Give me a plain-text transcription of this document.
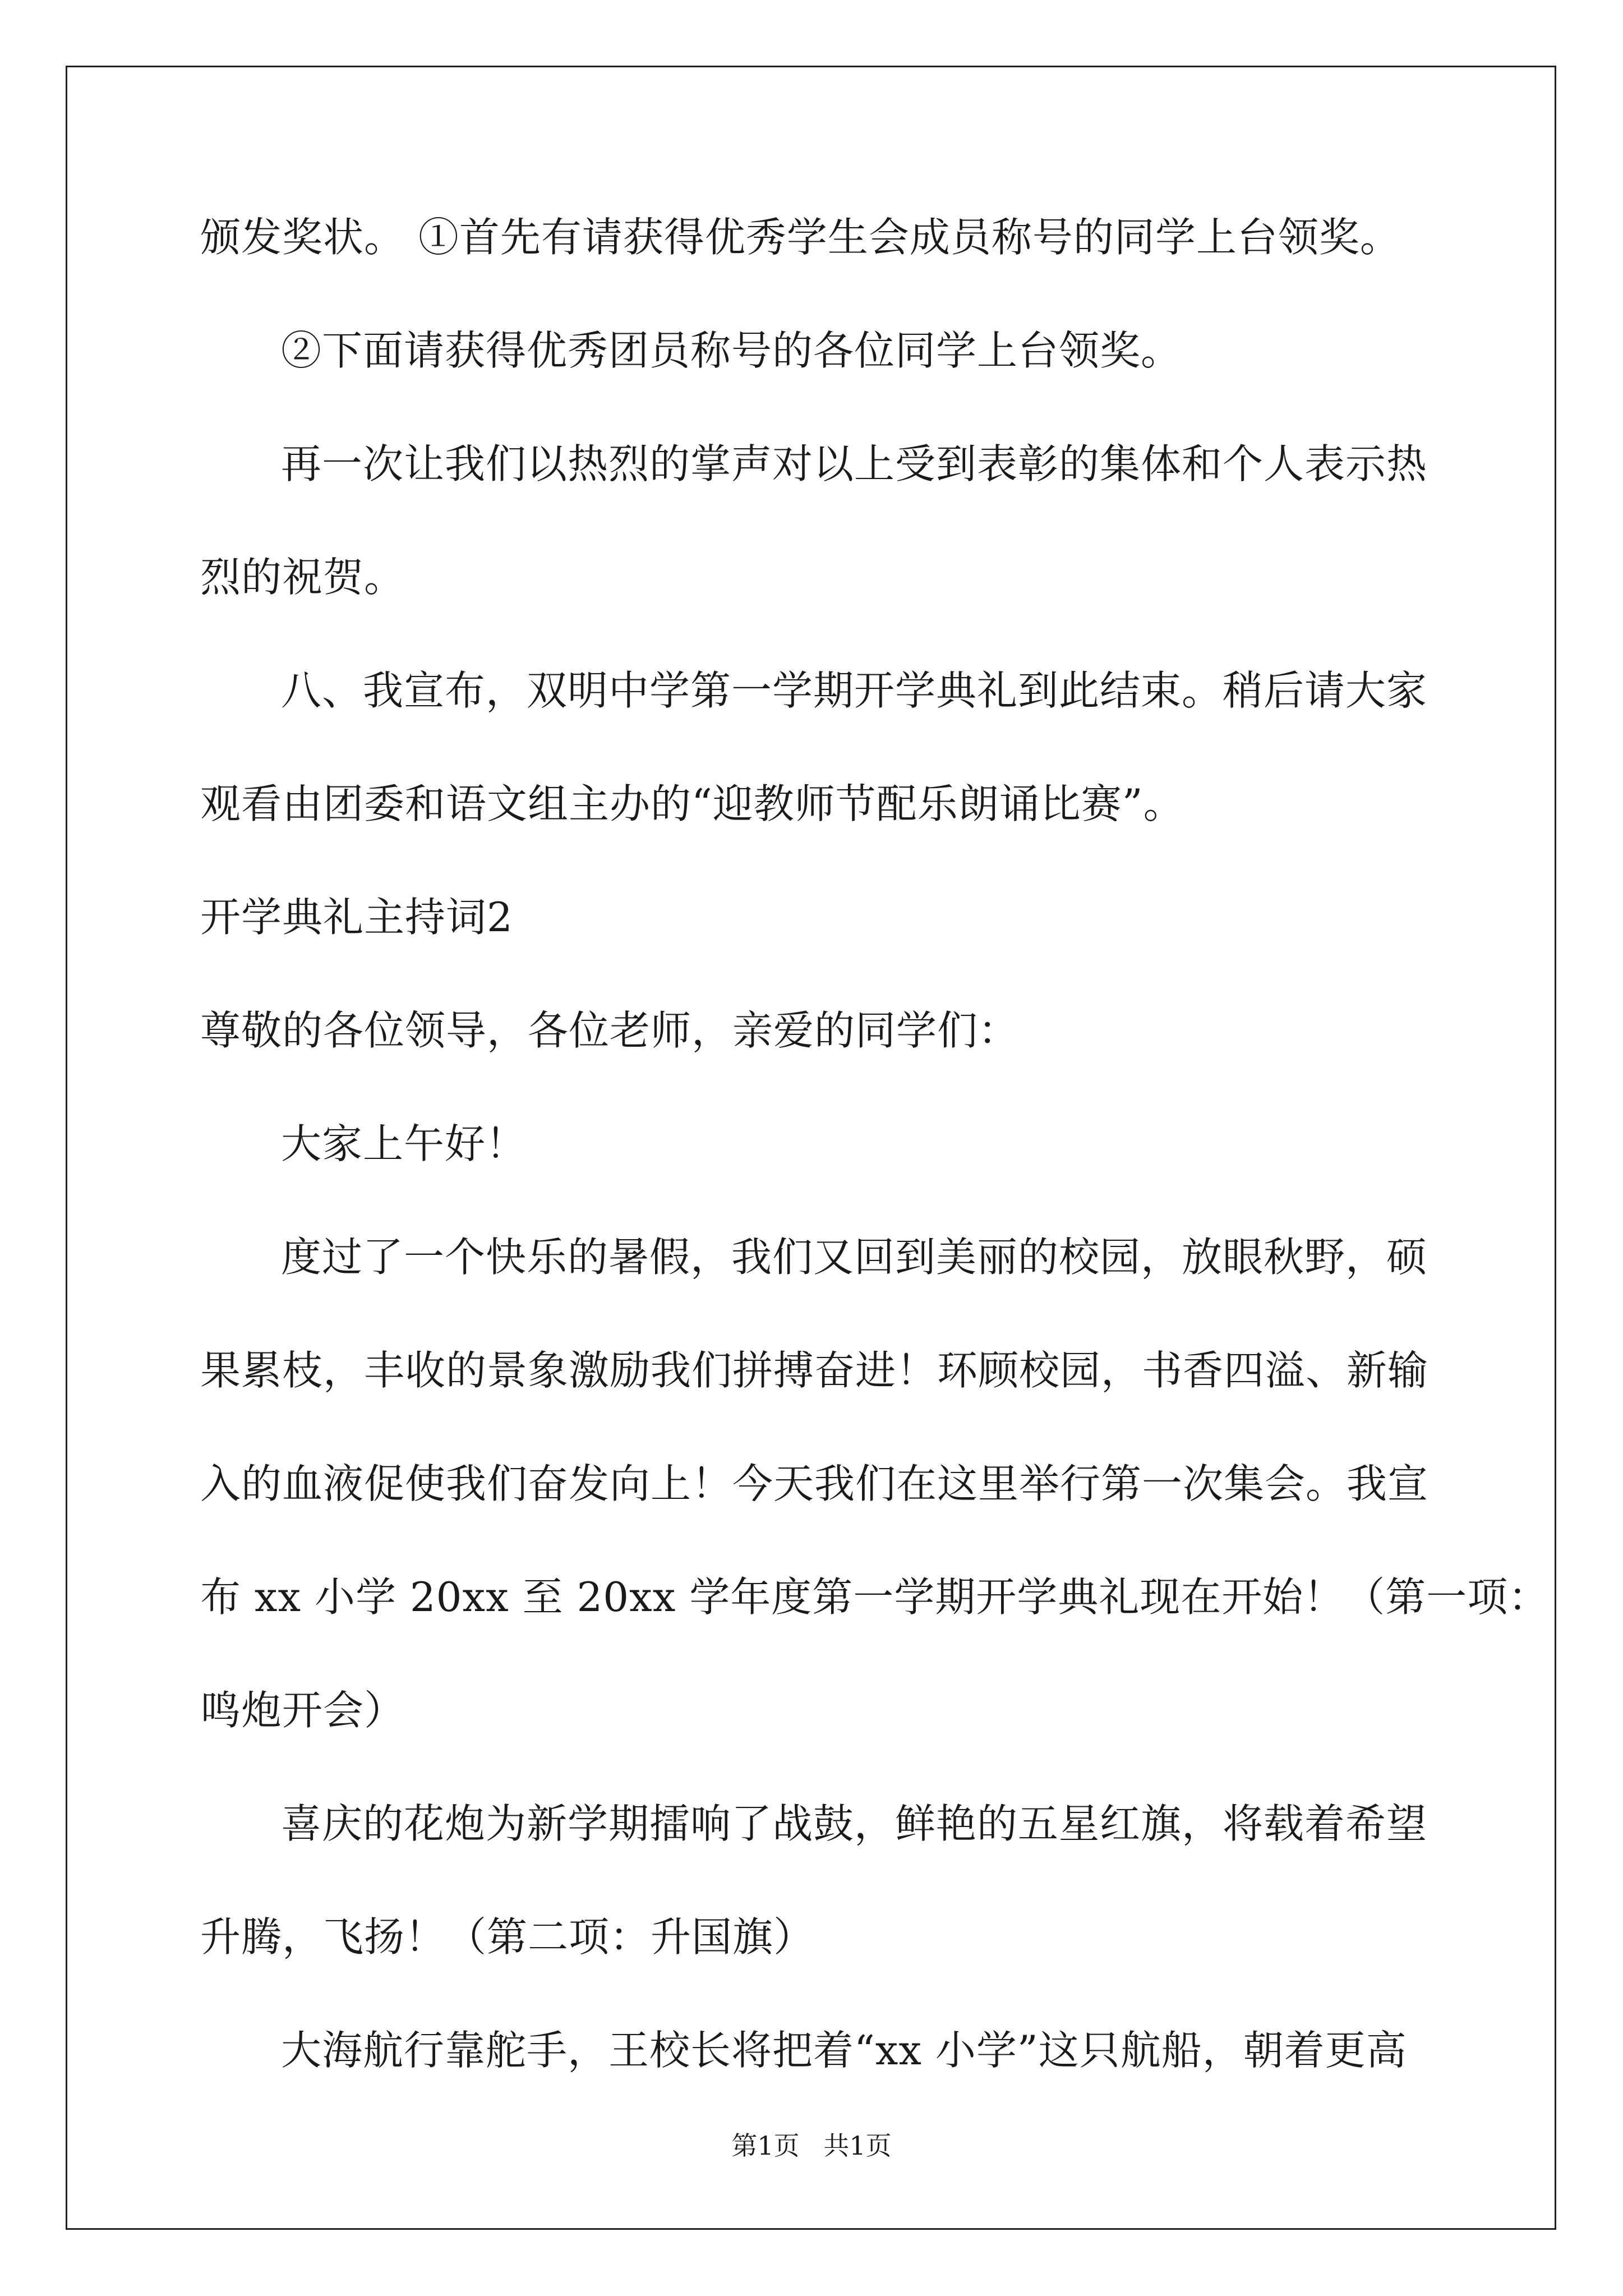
颁发奖状。 ①首先有请获得优秀学生会成员称号的同学上台领奖。
②下面请获得优秀团员称号的各位同学上台领奖。
再一次让我们以热烈的掌声对以上受到表彰的集体和个人表示热
烈的祝贺。
八、我宣布，双明中学第一学期开学典礼到此结束。稍后请大家
观看由团委和语文组主办的“迎教师节配乐朗诵比赛”。
开学典礼主持词2
尊敬的各位领导，各位老师，亲爱的同学们：
大家上午好！
度过了一个快乐的暑假，我们又回到美丽的校园，放眼秋野，硕
果累枝，丰收的景象激励我们拼搏奋进！环顾校园，书香四溢、新输
入的血液促使我们奋发向上！今天我们在这里举行第一次集会。我宣
布 xx 小学 20xx 至 20xx 学年度第一学期开学典礼现在开始！（第一项：
鸣炮开会）
喜庆的花炮为新学期擂响了战鼓，鲜艳的五星红旗，将载着希望
升腾，飞扬！（第二项：升国旗）
大海航行靠舵手，王校长将把着“xx 小学”这只航船，朝着更高
第1页 共1页
